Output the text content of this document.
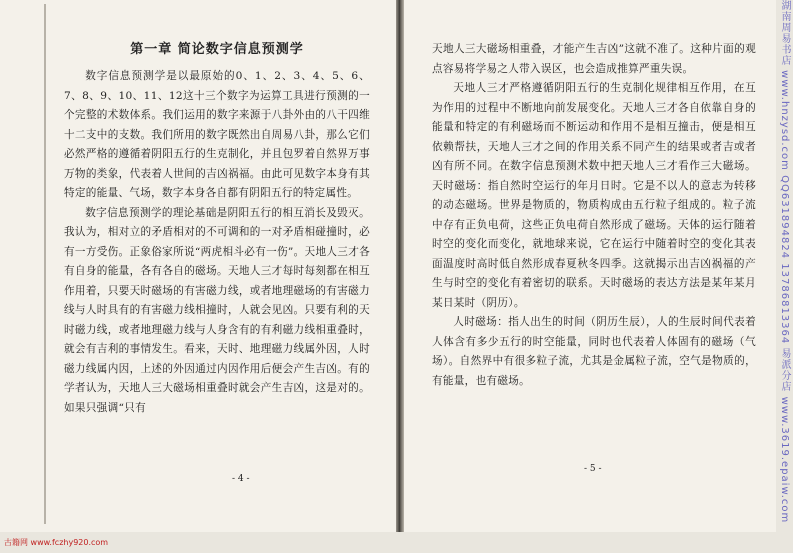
第一章 简论数字信息预测学

数字信息预测学是以最原始的0、1、2、3、4、5、6、7、8、9、10、11、12这十三个数字为运算工具进行预测的一个完整的术数体系。我们运用的数字来源于八卦外由的八干四维十二支中的支数。我们所用的数字既然出自周易八卦，那么它们必然严格的遵循着阴阳五行的生克制化，并且包罗着自然界万事万物的类象，代表着人世间的吉凶祸福。由此可见数字本身有其特定的能量、气场，数字本身各自都有阴阳五行的特定属性。

数字信息预测学的理论基础是阴阳五行的相互消长及毁灭。我认为，相对立的矛盾相对的不可调和的一对矛盾相碰撞时，必有一方受伤。正象俗家所说“两虎相斗必有一伤”。天地人三才各有自身的能量，各有各自的磁场。天地人三才每时每刻都在相互作用着，只要天时磁场的有害磁力线，或者地理磁场的有害磁力线与人时具有的有害磁力线相撞时，人就会见凶。只要有利的天时磁力线，或者地理磁力线与人身含有的有利磁力线相重叠时，就会有吉利的事情发生。看来，天时、地理磁力线属外因，人时磁力线属内因，上述的外因通过内因作用后便会产生吉凶。有的学者认为，天地人三大磁场相重叠时就会产生吉凶，这是对的。如果只强调“只有

- 4 -

天地人三大磁场相重叠，才能产生吉凶”这就不准了。这种片面的观点容易将学易之人带入误区，也会造成推算严重失误。

天地人三才严格遵循阴阳五行的生克制化规律相互作用，在互为作用的过程中不断地向前发展变化。天地人三才各自依靠自身的能量和特定的有利磁场而不断运动和作用不是相互撞击，便是相互依赖帮扶，天地人三才之间的作用关系不同产生的结果或者吉或者凶有所不同。在数字信息预测术数中把天地人三才看作三大磁场。天时磁场：指自然时空运行的年月日时。它是不以人的意志为转移的动态磁场。世界是物质的，物质构成由五行粒子组成的。粒子流中存有正负电荷，这些正负电荷自然形成了磁场。天体的运行随着时空的变化而变化，就地球来说，它在运行中随着时空的变化其表面温度时高时低自然形成春夏秋冬四季。这就揭示出吉凶祸福的产生与时空的变化有着密切的联系。天时磁场的表达方法是某年某月某日某时（阴历）。

人时磁场：指人出生的时间（阴历生辰），人的生辰时间代表着人体含有多少五行的时空能量，同时也代表着人体固有的磁场（气场）。自然界中有很多粒子流，尤其是金属粒子流，空气是物质的，有能量，也有磁场。

- 5 -	湖南周易书店 www.hnzysd.com QQ631894824 13786813364 易派分店 www.3619.epaiw.com
古籍网 www.fczhy920.com
